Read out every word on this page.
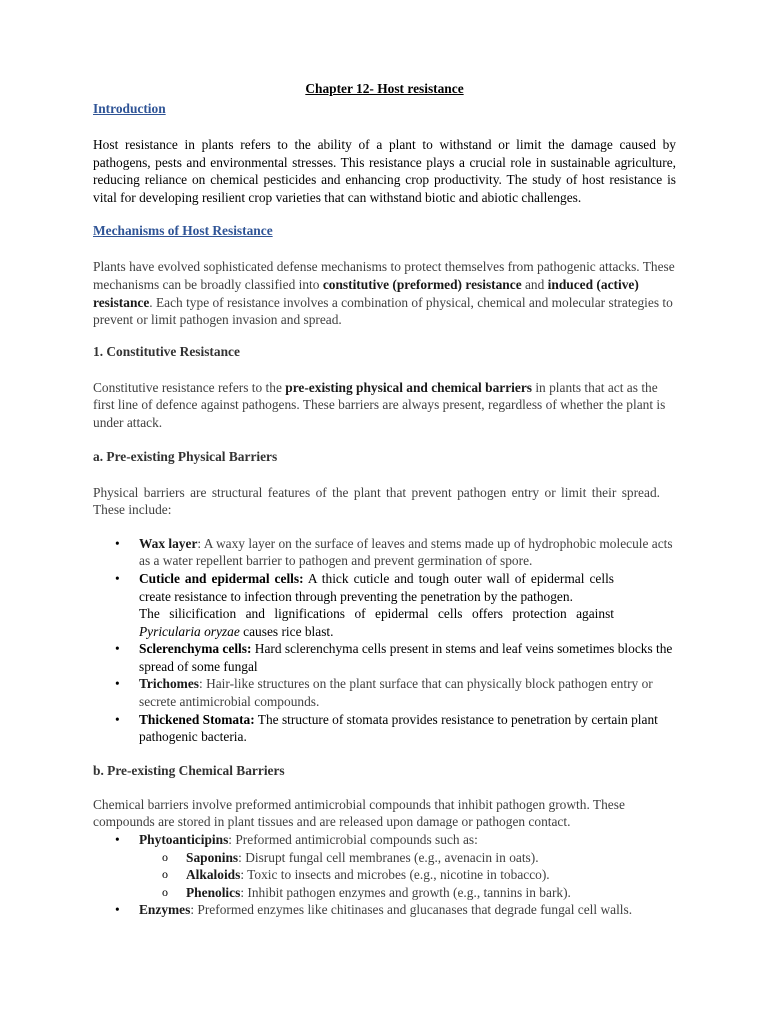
Chapter 12- Host resistance

Introduction

Host resistance in plants refers to the ability of a plant to withstand or limit the damage caused by pathogens, pests and environmental stresses. This resistance plays a crucial role in sustainable agriculture, reducing reliance on chemical pesticides and enhancing crop productivity. The study of host resistance is vital for developing resilient crop varieties that can withstand biotic and abiotic challenges.

Mechanisms of Host Resistance

Plants have evolved sophisticated defense mechanisms to protect themselves from pathogenic attacks. These mechanisms can be broadly classified into constitutive (preformed) resistance and induced (active) resistance. Each type of resistance involves a combination of physical, chemical and molecular strategies to prevent or limit pathogen invasion and spread.

1. Constitutive Resistance

Constitutive resistance refers to the pre-existing physical and chemical barriers in plants that act as the first line of defence against pathogens. These barriers are always present, regardless of whether the plant is under attack.

a. Pre-existing Physical Barriers

Physical barriers are structural features of the plant that prevent pathogen entry or limit their spread. These include:

• Wax layer: A waxy layer on the surface of leaves and stems made up of hydrophobic molecule acts as a water repellent barrier to pathogen and prevent germination of spore.
• Cuticle and epidermal cells: A thick cuticle and tough outer wall of epidermal cells create resistance to infection through preventing the penetration by the pathogen.
The silicification and lignifications of epidermal cells offers protection against Pyricularia oryzae causes rice blast.
• Sclerenchyma cells: Hard sclerenchyma cells present in stems and leaf veins sometimes blocks the spread of some fungal
• Trichomes: Hair-like structures on the plant surface that can physically block pathogen entry or secrete antimicrobial compounds.
• Thickened Stomata: The structure of stomata provides resistance to penetration by certain plant pathogenic bacteria.

b. Pre-existing Chemical Barriers

Chemical barriers involve preformed antimicrobial compounds that inhibit pathogen growth. These compounds are stored in plant tissues and are released upon damage or pathogen contact.

• Phytoanticipins: Preformed antimicrobial compounds such as:
o Saponins: Disrupt fungal cell membranes (e.g., avenacin in oats).
o Alkaloids: Toxic to insects and microbes (e.g., nicotine in tobacco).
o Phenolics: Inhibit pathogen enzymes and growth (e.g., tannins in bark).
• Enzymes: Preformed enzymes like chitinases and glucanases that degrade fungal cell walls.
